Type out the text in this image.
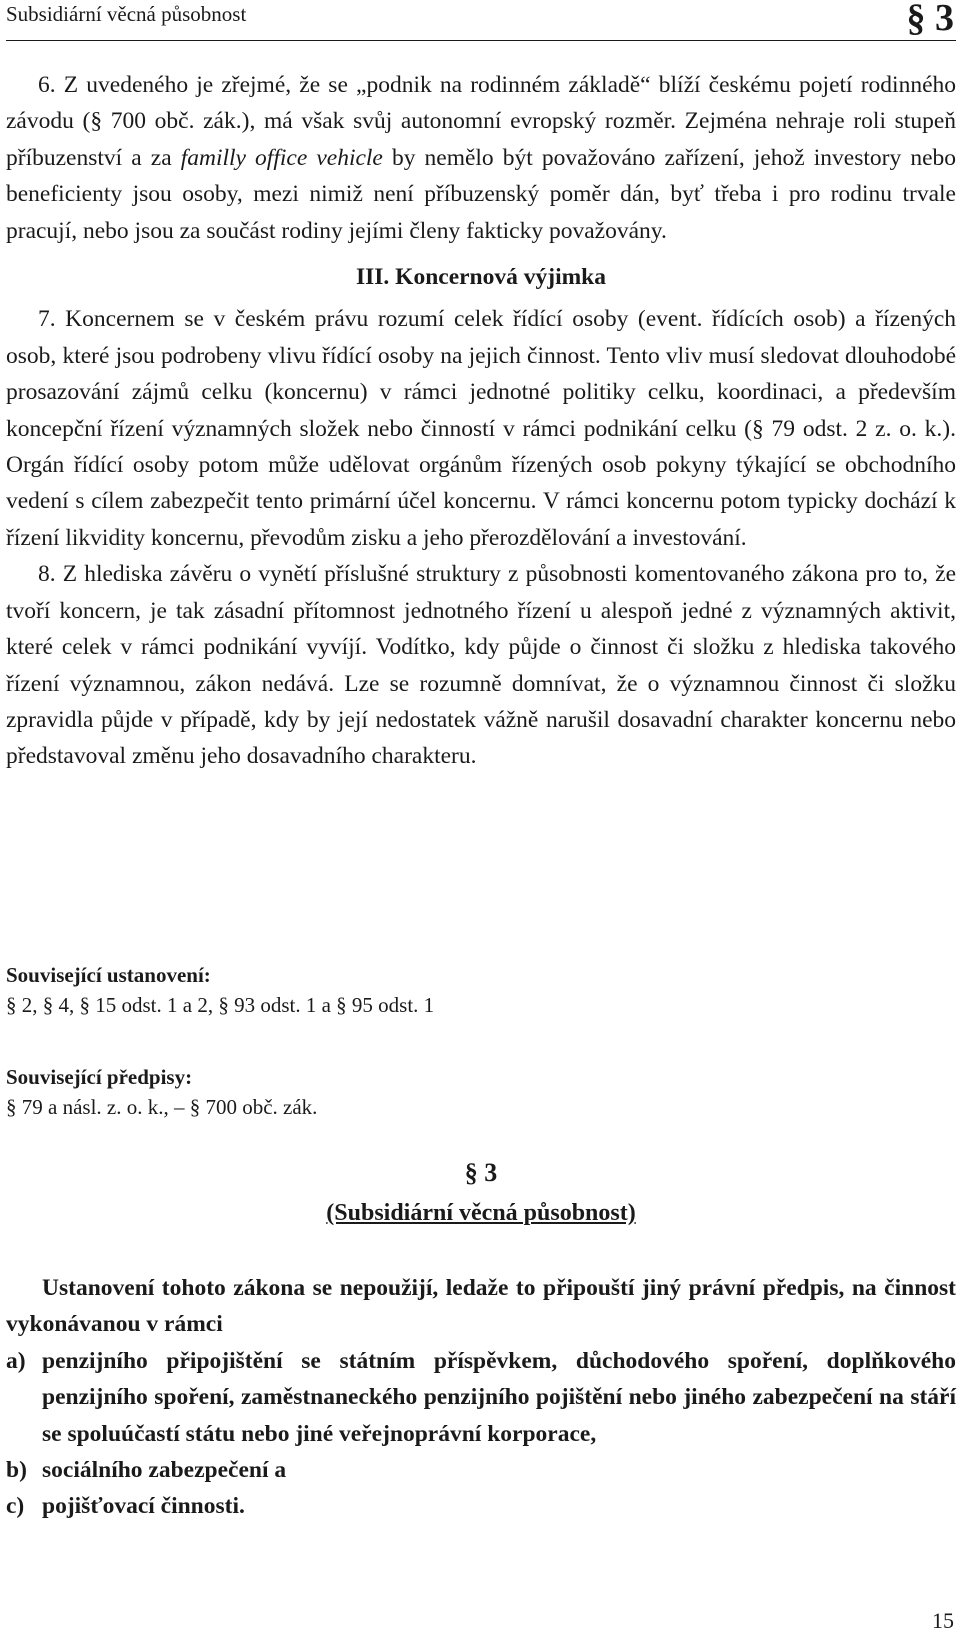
Subsidiární věcná působnost	§ 3

6. Z uvedeného je zřejmé, že se „podnik na rodinném základě“ blíží českému pojetí rodinného závodu (§ 700 obč. zák.), má však svůj autonomní evropský rozměr. Zejména nehraje roli stupeň příbuzenství a za familly office vehicle by nemělo být považováno zařízení, jehož investory nebo beneficienty jsou osoby, mezi nimiž není příbuzenský poměr dán, byť třeba i pro rodinu trvale pracují, nebo jsou za součást rodiny jejími členy fakticky považovány.

III. Koncernová výjimka

7. Koncernem se v českém právu rozumí celek řídící osoby (event. řídících osob) a řízených osob, které jsou podrobeny vlivu řídící osoby na jejich činnost. Tento vliv musí sledovat dlouhodobé prosazování zájmů celku (koncernu) v rámci jednotné politiky celku, koordinaci, a především koncepční řízení významných složek nebo činností v rámci podnikání celku (§ 79 odst. 2 z. o. k.). Orgán řídící osoby potom může udělovat orgánům řízených osob pokyny týkající se obchodního vedení s cílem zabezpečit tento primární účel koncernu. V rámci koncernu potom typicky dochází k řízení likvidity koncernu, převodům zisku a jeho přerozdělování a investování.

8. Z hlediska závěru o vynětí příslušné struktury z působnosti komentovaného zákona pro to, že tvoří koncern, je tak zásadní přítomnost jednotného řízení u alespoň jedné z významných aktivit, které celek v rámci podnikání vyvíjí. Vodítko, kdy půjde o činnost či složku z hlediska takového řízení významnou, zákon nedává. Lze se rozumně domnívat, že o významnou činnost či složku zpravidla půjde v případě, kdy by její nedostatek vážně narušil dosavadní charakter koncernu nebo představoval změnu jeho dosavadního charakteru.

Související ustanovení:
§ 2, § 4, § 15 odst. 1 a 2, § 93 odst. 1 a § 95 odst. 1
Související předpisy:
§ 79 a násl. z. o. k., – § 700 obč. zák.
§ 3
(Subsidiární věcná působnost)

Ustanovení tohoto zákona se nepoužijí, ledaže to připouští jiný právní předpis, na činnost vykonávanou v rámci

a) penzijního připojištění se státním příspěvkem, důchodového spoření, doplňkového penzijního spoření, zaměstnaneckého penzijního pojištění nebo jiného zabezpečení na stáří se spoluúčastí státu nebo jiné veřejnoprávní korporace,
b) sociálního zabezpečení a
c) pojišťovací činnosti.
15
